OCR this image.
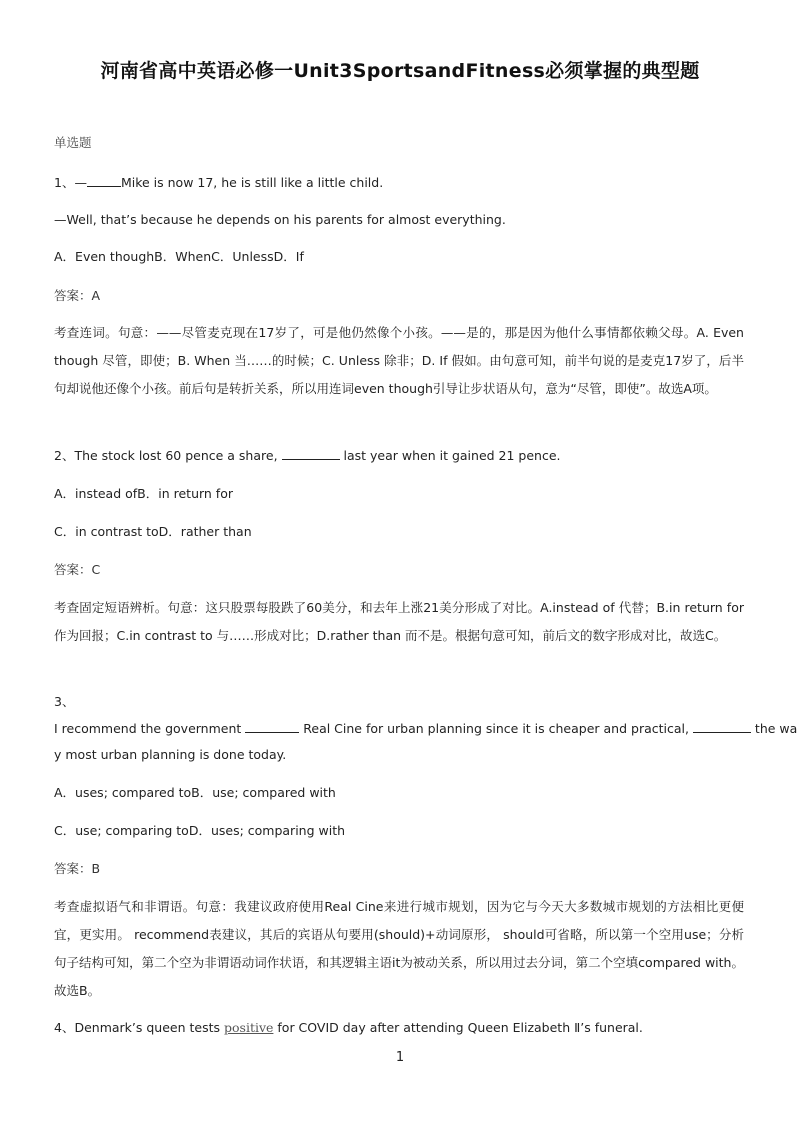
河南省高中英语必修一Unit3SportsandFitness必须掌握的典型题
单选题
1、—	Mike is now 17, he is still like a little child.
—Well, that’s because he depends on his parents for almost everything.
A．Even thoughB．WhenC．UnlessD．If
答案：A
考查连词。句意：——尽管麦克现在17岁了，可是他仍然像个小孩。——是的，那是因为他什么事情都依赖父母。A. Even though 尽管，即使；B. When 当……的时候；C. Unless 除非；D. If 假如。由句意可知，前半句说的是麦克17岁了，后半句却说他还像个小孩。前后句是转折关系，所以用连词even though引导让步状语从句，意为“尽管，即使”。故选A项。
2、The stock lost 60 pence a share,	last year when it gained 21 pence.
A．instead ofB．in return for
C．in contrast toD．rather than
答案：C
考查固定短语辨析。句意：这只股票每股跌了60美分，和去年上涨21美分形成了对比。A.instead of 代替；B.in return for 作为回报；C.in contrast to 与……形成对比；D.rather than 而不是。根据句意可知，前后文的数字形成对比，故选C。
3、
I recommend the government	Real Cine for urban planning since it is cheaper and practical,	the wa
y most urban planning is done today.
A．uses; compared toB．use; compared with
C．use; comparing toD．uses; comparing with
答案：B
考查虚拟语气和非谓语。句意：我建议政府使用Real Cine来进行城市规划，因为它与今天大多数城市规划的方法相比更便宜，更实用。 recommend表建议，其后的宾语从句要用(should)+动词原形， should可省略，所以第一个空用use；分析句子结构可知，第二个空为非谓语动词作状语，和其逻辑主语it为被动关系，所以用过去分词，第二个空填compared with。故选B。
4、Denmark’s queen tests positive for COVID day after attending Queen Elizabeth Ⅱ’s funeral.
1
